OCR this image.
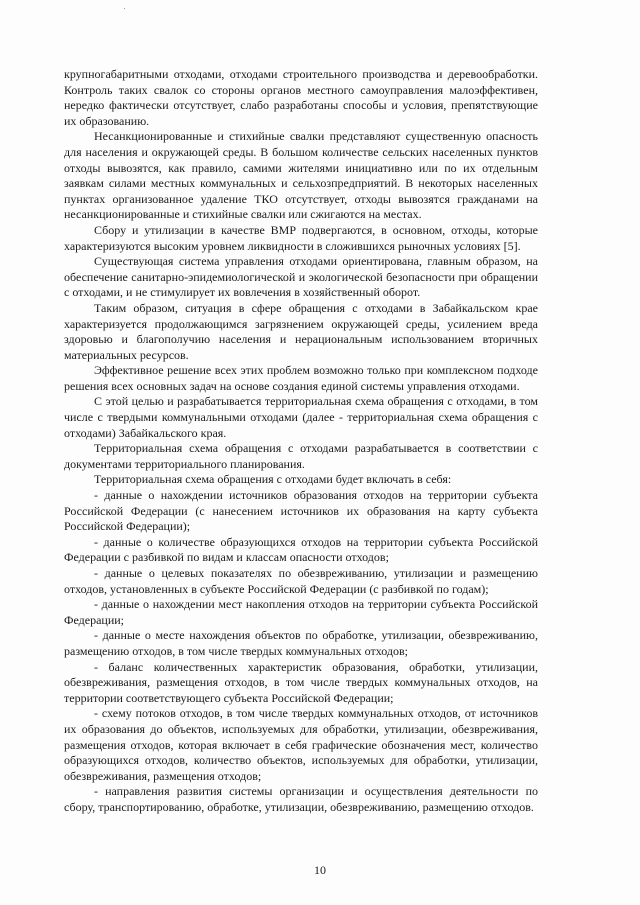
крупногабаритными отходами, отходами строительного производства и деревообработки. Контроль таких свалок со стороны органов местного самоуправления малоэффективен, нередко фактически отсутствует, слабо разработаны способы и условия, препятствующие их образованию.

Несанкционированные и стихийные свалки представляют существенную опасность для населения и окружающей среды. В большом количестве сельских населенных пунктов отходы вывозятся, как правило, самими жителями инициативно или по их отдельным заявкам силами местных коммунальных и сельхозпредприятий. В некоторых населенных пунктах организованное удаление ТКО отсутствует, отходы вывозятся гражданами на несанкционированные и стихийные свалки или сжигаются на местах.

Сбору и утилизации в качестве ВМР подвергаются, в основном, отходы, которые характеризуются высоким уровнем ликвидности в сложившихся рыночных условиях [5].

Существующая система управления отходами ориентирована, главным образом, на обеспечение санитарно-эпидемиологической и экологической безопасности при обращении с отходами, и не стимулирует их вовлечения в хозяйственный оборот.

Таким образом, ситуация в сфере обращения с отходами в Забайкальском крае характеризуется продолжающимся загрязнением окружающей среды, усилением вреда здоровью и благополучию населения и нерациональным использованием вторичных материальных ресурсов.

Эффективное решение всех этих проблем возможно только при комплексном подходе решения всех основных задач на основе создания единой системы управления отходами.

С этой целью и разрабатывается территориальная схема обращения с отходами, в том числе с твердыми коммунальными отходами (далее - территориальная схема обращения с отходами) Забайкальского края.

Территориальная схема обращения с отходами разрабатывается в соответствии с документами территориального планирования.

Территориальная схема обращения с отходами будет включать в себя:

- данные о нахождении источников образования отходов на территории субъекта Российской Федерации (с нанесением источников их образования на карту субъекта Российской Федерации);

- данные о количестве образующихся отходов на территории субъекта Российской Федерации с разбивкой по видам и классам опасности отходов;

- данные о целевых показателях по обезвреживанию, утилизации и размещению отходов, установленных в субъекте Российской Федерации (с разбивкой по годам);

- данные о нахождении мест накопления отходов на территории субъекта Российской Федерации;

- данные о месте нахождения объектов по обработке, утилизации, обезвреживанию, размещению отходов, в том числе твердых коммунальных отходов;

- баланс количественных характеристик образования, обработки, утилизации, обезвреживания, размещения отходов, в том числе твердых коммунальных отходов, на территории соответствующего субъекта Российской Федерации;

- схему потоков отходов, в том числе твердых коммунальных отходов, от источников их образования до объектов, используемых для обработки, утилизации, обезвреживания, размещения отходов, которая включает в себя графические обозначения мест, количество образующихся отходов, количество объектов, используемых для обработки, утилизации, обезвреживания, размещения отходов;

- направления развития системы организации и осуществления деятельности по сбору, транспортированию, обработке, утилизации, обезвреживанию, размещению отходов.

10
